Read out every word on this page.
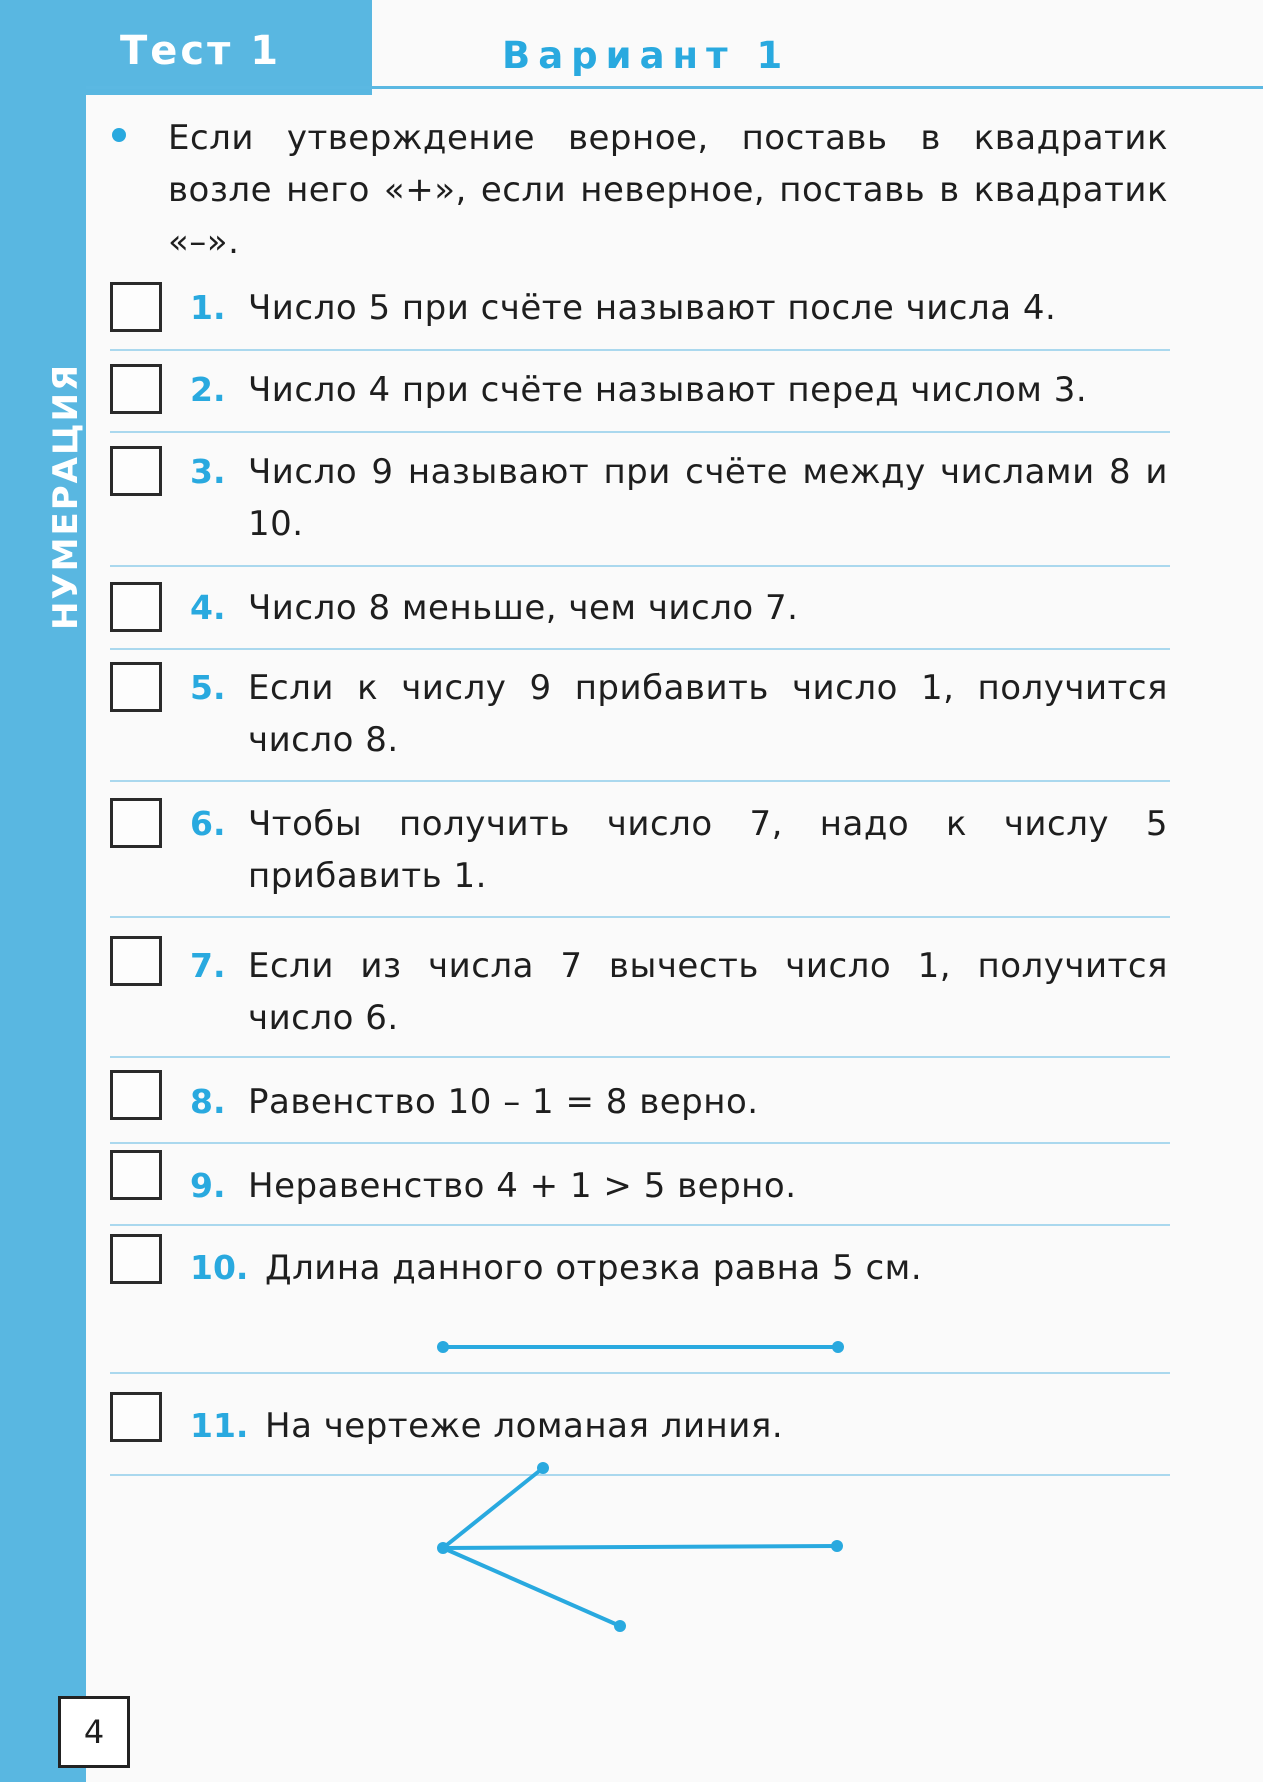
Тест 1	Вариант 1
НУМЕРАЦИЯ
Если утверждение верное, поставь в квадратик возле него «+», если неверное, поставь в квадратик «–».
1. Число 5 при счёте называют после числа 4.
2. Число 4 при счёте называют перед числом 3.
3. Число 9 называют при счёте между числами 8 и 10.
4. Число 8 меньше, чем число 7.
5. Если к числу 9 прибавить число 1, получится число 8.
6. Чтобы получить число 7, надо к числу 5 прибавить 1.
7. Если из числа 7 вычесть число 1, получится число 6.
8. Равенство 10 – 1 = 8 верно.
9. Неравенство 4 + 1 > 5 верно.
10. Длина данного отрезка равна 5 см.
11. На чертеже ломаная линия.
4
